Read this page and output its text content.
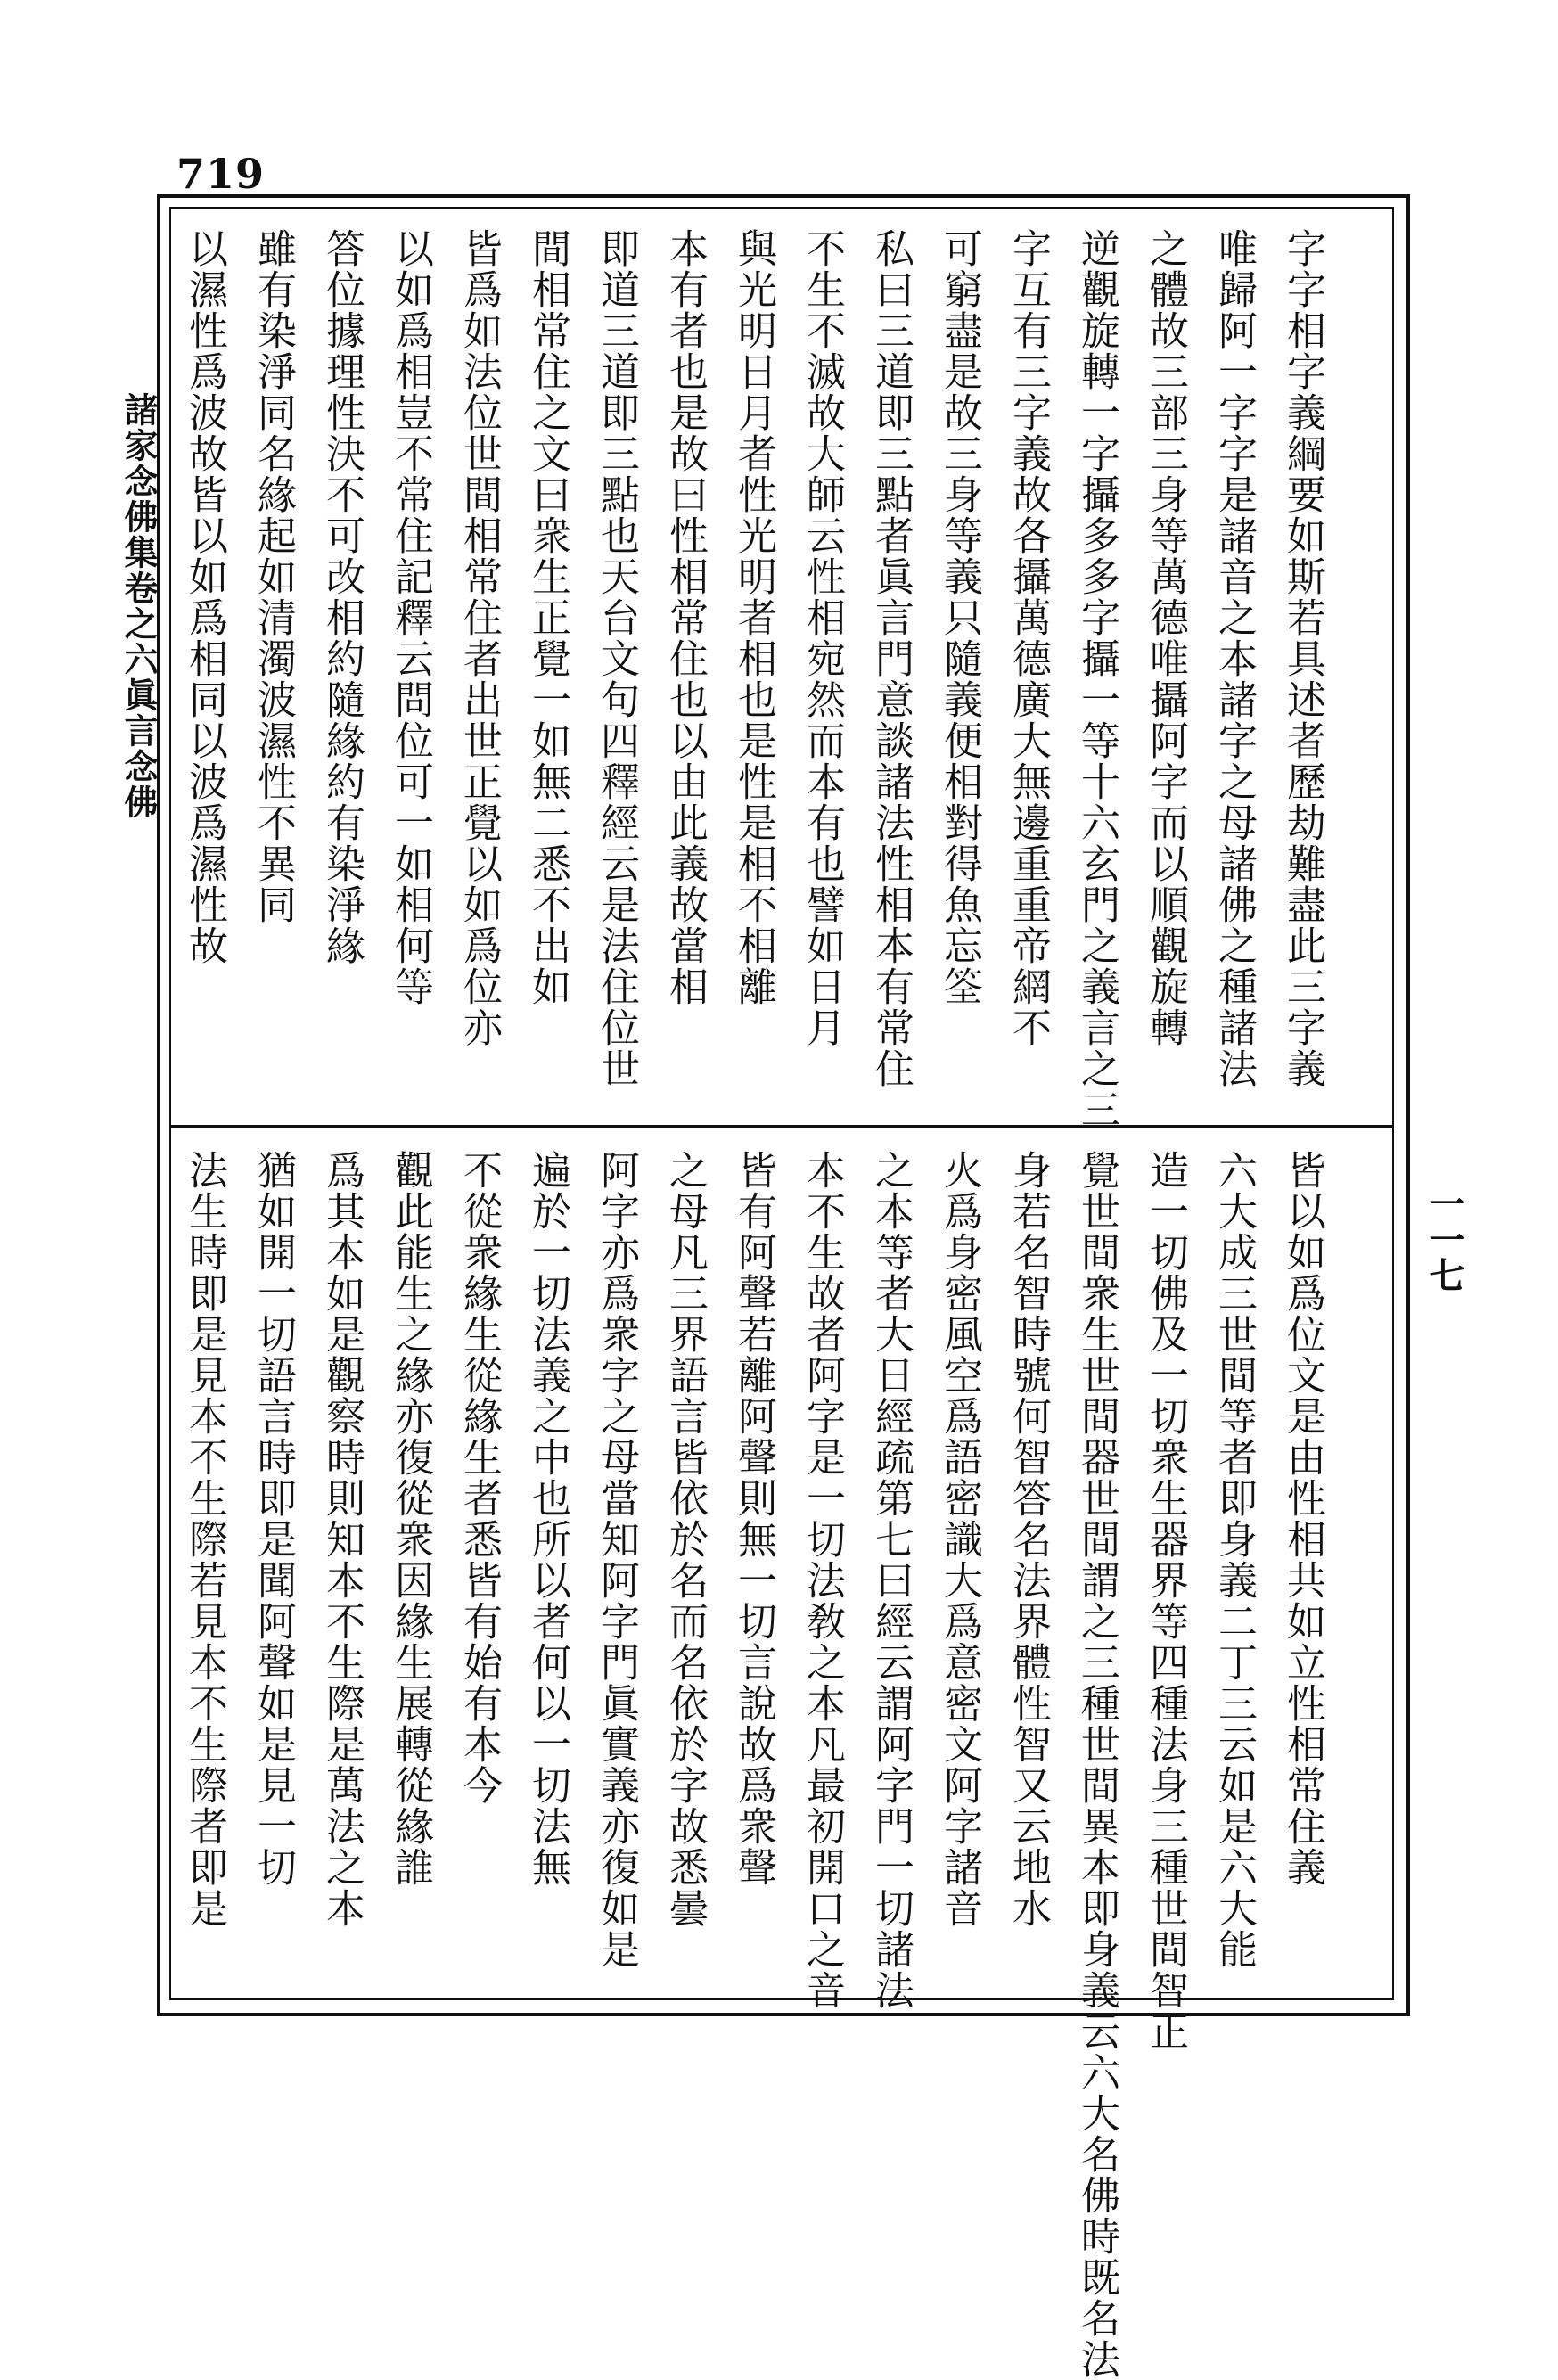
719
諸家念佛集卷之六眞言念佛
一一七
字字相字義綱要如斯若具述者歷劫難盡此三字義
唯歸阿一字字是諸音之本諸字之母諸佛之種諸法
之體故三部三身等萬德唯攝阿字而以順觀旋轉
逆觀旋轉一字攝多多字攝一等十六玄門之義言之三
字互有三字義故各攝萬德廣大無邊重重帝網不
可窮盡是故三身等義只隨義便相對得魚忘筌
私曰三道即三點者眞言門意談諸法性相本有常住
不生不滅故大師云性相宛然而本有也譬如日月
與光明日月者性光明者相也是性是相不相離
本有者也是故曰性相常住也以由此義故當相
即道三道即三點也天台文句四釋經云是法住位世
間相常住之文曰衆生正覺一如無二悉不出如
皆爲如法位世間相常住者出世正覺以如爲位亦
以如爲相豈不常住記釋云問位可一如相何等
答位據理性決不可改相約隨緣約有染淨緣
雖有染淨同名緣起如清濁波濕性不異同
以濕性爲波故皆以如爲相同以波爲濕性故
皆以如爲位文是由性相共如立性相常住義
六大成三世間等者即身義二丁三云如是六大能
造一切佛及一切衆生器界等四種法身三種世間智正
覺世間衆生世間器世間謂之三種世間異本即身義云六大名佛時既名法
身若名智時號何智答名法界體性智又云地水
火爲身密風空爲語密識大爲意密文阿字諸音
之本等者大日經疏第七曰經云謂阿字門一切諸法
本不生故者阿字是一切法敎之本凡最初開口之音
皆有阿聲若離阿聲則無一切言說故爲衆聲
之母凡三界語言皆依於名而名依於字故悉曇
阿字亦爲衆字之母當知阿字門眞實義亦復如是
遍於一切法義之中也所以者何以一切法無
不從衆緣生從緣生者悉皆有始有本今
觀此能生之緣亦復從衆因緣生展轉從緣誰
爲其本如是觀察時則知本不生際是萬法之本
猶如開一切語言時即是聞阿聲如是見一切
法生時即是見本不生際若見本不生際者即是
